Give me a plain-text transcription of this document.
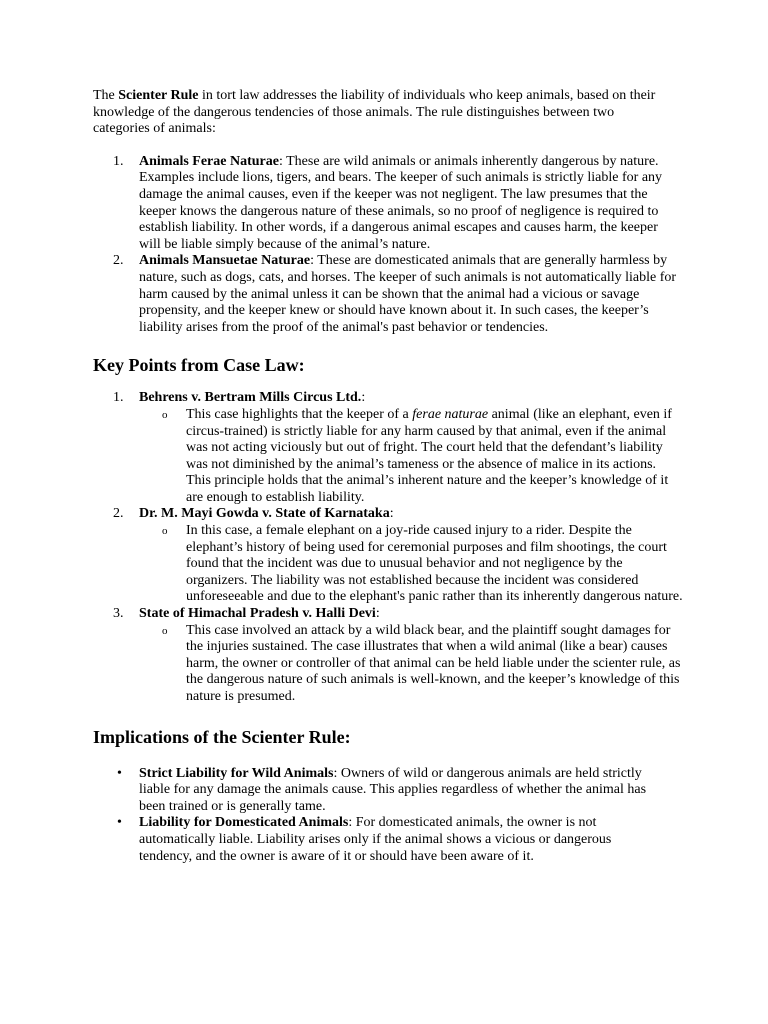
The Scienter Rule in tort law addresses the liability of individuals who keep animals, based on their knowledge of the dangerous tendencies of those animals. The rule distinguishes between two categories of animals:

1. Animals Ferae Naturae: These are wild animals or animals inherently dangerous by nature. Examples include lions, tigers, and bears. The keeper of such animals is strictly liable for any damage the animal causes, even if the keeper was not negligent. The law presumes that the keeper knows the dangerous nature of these animals, so no proof of negligence is required to establish liability. In other words, if a dangerous animal escapes and causes harm, the keeper will be liable simply because of the animal’s nature.
2. Animals Mansuetae Naturae: These are domesticated animals that are generally harmless by nature, such as dogs, cats, and horses. The keeper of such animals is not automatically liable for harm caused by the animal unless it can be shown that the animal had a vicious or savage propensity, and the keeper knew or should have known about it. In such cases, the keeper’s liability arises from the proof of the animal's past behavior or tendencies.
Key Points from Case Law:
1. Behrens v. Bertram Mills Circus Ltd.:
o This case highlights that the keeper of a ferae naturae animal (like an elephant, even if circus-trained) is strictly liable for any harm caused by that animal, even if the animal was not acting viciously but out of fright. The court held that the defendant’s liability was not diminished by the animal’s tameness or the absence of malice in its actions. This principle holds that the animal’s inherent nature and the keeper’s knowledge of it are enough to establish liability.
2. Dr. M. Mayi Gowda v. State of Karnataka:
o In this case, a female elephant on a joy-ride caused injury to a rider. Despite the elephant’s history of being used for ceremonial purposes and film shootings, the court found that the incident was due to unusual behavior and not negligence by the organizers. The liability was not established because the incident was considered unforeseeable and due to the elephant's panic rather than its inherently dangerous nature.
3. State of Himachal Pradesh v. Halli Devi:
o This case involved an attack by a wild black bear, and the plaintiff sought damages for the injuries sustained. The case illustrates that when a wild animal (like a bear) causes harm, the owner or controller of that animal can be held liable under the scienter rule, as the dangerous nature of such animals is well-known, and the keeper’s knowledge of this nature is presumed.
Implications of the Scienter Rule:
• Strict Liability for Wild Animals: Owners of wild or dangerous animals are held strictly liable for any damage the animals cause. This applies regardless of whether the animal has been trained or is generally tame.
• Liability for Domesticated Animals: For domesticated animals, the owner is not automatically liable. Liability arises only if the animal shows a vicious or dangerous tendency, and the owner is aware of it or should have been aware of it.
